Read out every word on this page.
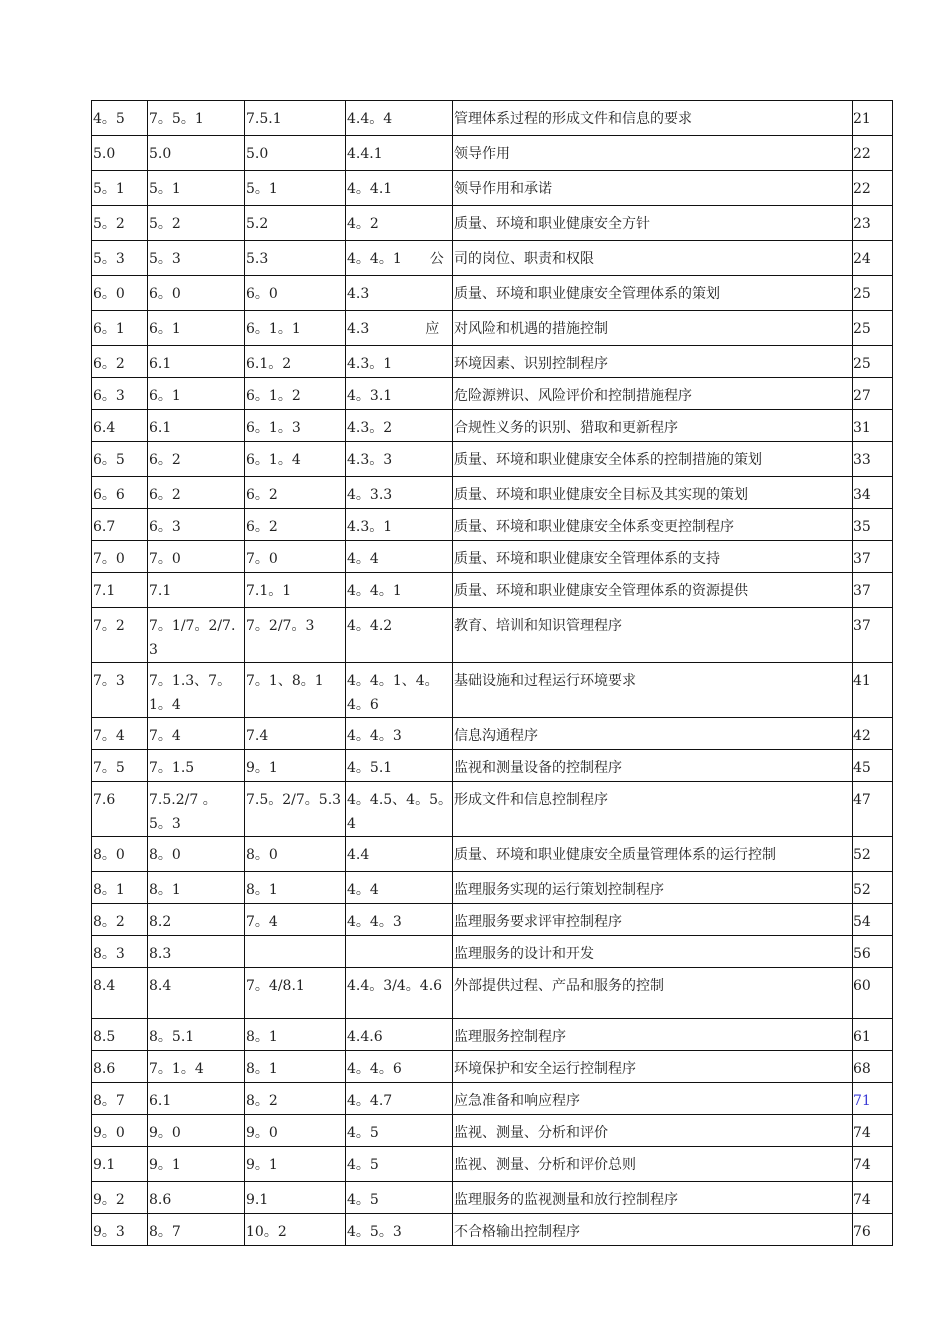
4。5	7。5。1	7.5.1	4.4。4	管理体系过程的形成文件和信息的要求	21
5.0	5.0	5.0	4.4.1	领导作用	22
5。1	5。1	5。1	4。4.1	领导作用和承诺	22
5。2	5。2	5.2	4。2	质量、环境和职业健康安全方针	23
5。3	5。3	5.3	4。4。1　　公	司的岗位、职责和权限	24
6。0	6。0	6。0	4.3	质量、环境和职业健康安全管理体系的策划	25
6。1	6。1	6。1。1	4.3　　　　应	对风险和机遇的措施控制	25
6。2	6.1	6.1。2	4.3。1	环境因素、识别控制程序	25
6。3	6。1	6。1。2	4。3.1	危险源辨识、风险评价和控制措施程序	27
6.4	6.1	6。1。3	4.3。2	合规性义务的识别、猎取和更新程序	31
6。5	6。2	6。1。4	4.3。3	质量、环境和职业健康安全体系的控制措施的策划	33
6。6	6。2	6。2	4。3.3	质量、环境和职业健康安全目标及其实现的策划	34
6.7	6。3	6。2	4.3。1	质量、环境和职业健康安全体系变更控制程序	35
7。0	7。0	7。0	4。4	质量、环境和职业健康安全管理体系的支持	37
7.1	7.1	7.1。1	4。4。1	质量、环境和职业健康安全管理体系的资源提供	37
7。2	7。1/7。2/7.3	7。2/7。3	4。4.2	教育、培训和知识管理程序	37
7。3	7。1.3、7。1。4	7。1、8。1	4。4。1、4。4。6	基础设施和过程运行环境要求	41
7。4	7。4	7.4	4。4。3	信息沟通程序	42
7。5	7。1.5	9。1	4。5.1	监视和测量设备的控制程序	45
7.6	7.5.2/7 。 5。3	7.5。2/7。5.3	4。4.5、4。5。4	形成文件和信息控制程序	47
8。0	8。0	8。0	4.4	质量、环境和职业健康安全质量管理体系的运行控制	52
8。1	8。1	8。1	4。4	监理服务实现的运行策划控制程序	52
8。2	8.2	7。4	4。4。3	监理服务要求评审控制程序	54
8。3	8.3			监理服务的设计和开发	56
8.4	8.4	7。4/8.1	4.4。3/4。4.6	外部提供过程、产品和服务的控制	60
8.5	8。5.1	8。1	4.4.6	监理服务控制程序	61
8.6	7。1。4	8。1	4。4。6	环境保护和安全运行控制程序	68
8。7	6.1	8。2	4。4.7	应急准备和响应程序	71
9。0	9。0	9。0	4。5	监视、测量、分析和评价	74
9.1	9。1	9。1	4。5	监视、测量、分析和评价总则	74
9。2	8.6	9.1	4。5	监理服务的监视测量和放行控制程序	74
9。3	8。7	10。2	4。5。3	不合格输出控制程序	76
